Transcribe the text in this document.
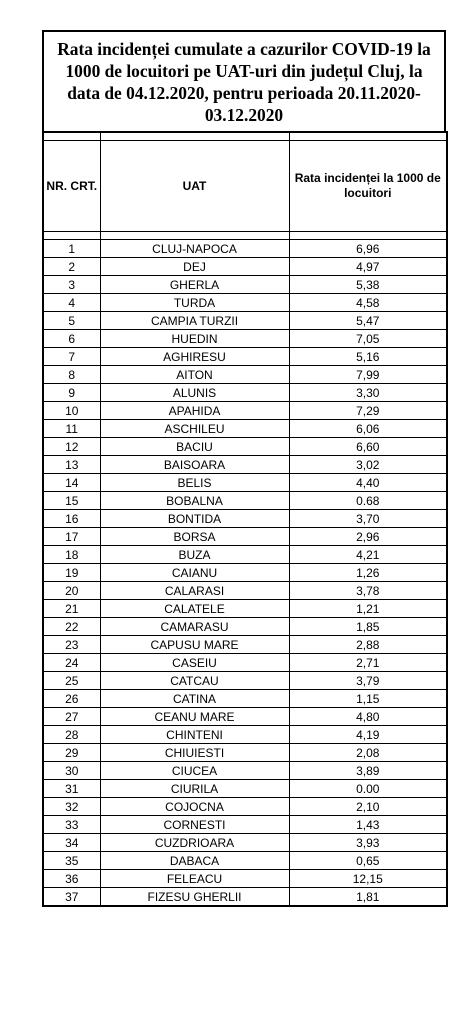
Rata incidenței cumulate a cazurilor COVID-19 la 1000 de locuitori pe UAT-uri din județul Cluj, la data de 04.12.2020, pentru perioada 20.11.2020-03.12.2020

NR. CRT.	UAT	Rata incidenței la 1000 de locuitori

1	CLUJ-NAPOCA	6,96
2	DEJ	4,97
3	GHERLA	5,38
4	TURDA	4,58
5	CAMPIA TURZII	5,47
6	HUEDIN	7,05
7	AGHIRESU	5,16
8	AITON	7,99
9	ALUNIS	3,30
10	APAHIDA	7,29
11	ASCHILEU	6,06
12	BACIU	6,60
13	BAISOARA	3,02
14	BELIS	4,40
15	BOBALNA	0.68
16	BONTIDA	3,70
17	BORSA	2,96
18	BUZA	4,21
19	CAIANU	1,26
20	CALARASI	3,78
21	CALATELE	1,21
22	CAMARASU	1,85
23	CAPUSU MARE	2,88
24	CASEIU	2,71
25	CATCAU	3,79
26	CATINA	1,15
27	CEANU MARE	4,80
28	CHINTENI	4,19
29	CHIUIESTI	2,08
30	CIUCEA	3,89
31	CIURILA	0.00
32	COJOCNA	2,10
33	CORNESTI	1,43
34	CUZDRIOARA	3,93
35	DABACA	0,65
36	FELEACU	12,15
37	FIZESU GHERLII	1,81
